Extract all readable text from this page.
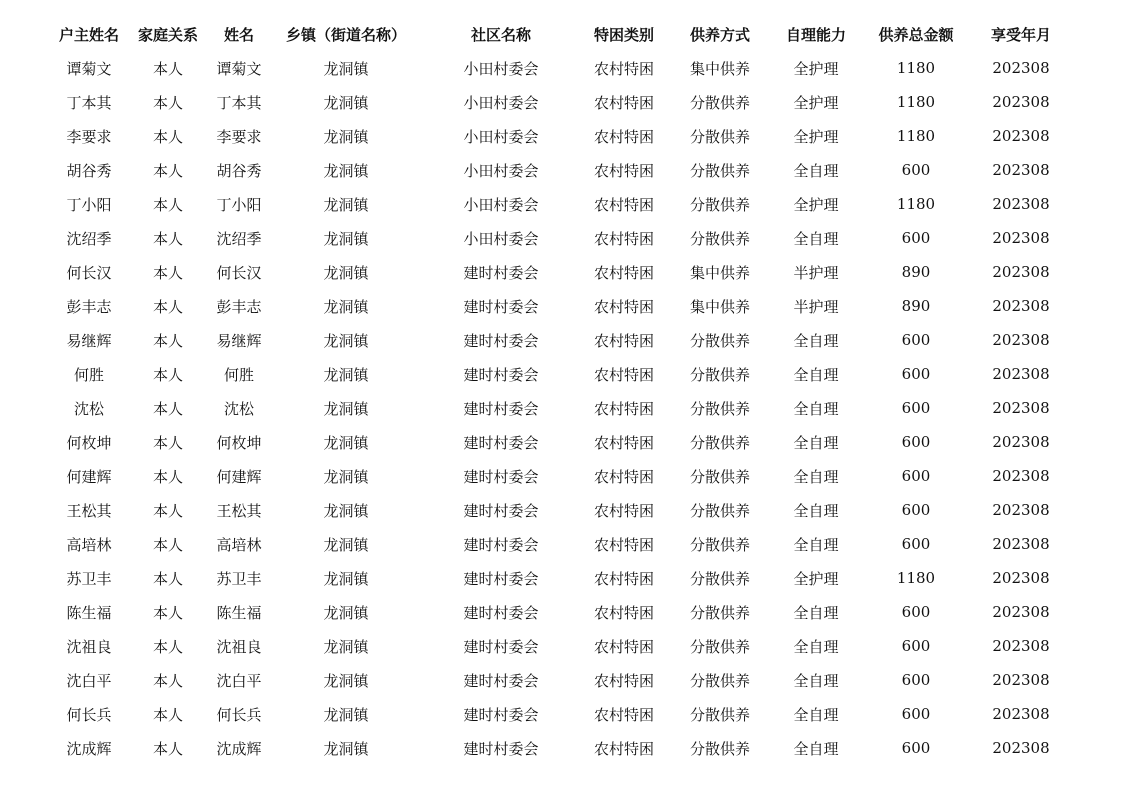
户主姓名	家庭关系	姓名	乡镇（街道名称）	社区名称	特困类别	供养方式	自理能力	供养总金额	享受年月
谭菊文	本人	谭菊文	龙洞镇	小田村委会	农村特困	集中供养	全护理	1180	202308
丁本其	本人	丁本其	龙洞镇	小田村委会	农村特困	分散供养	全护理	1180	202308
李要求	本人	李要求	龙洞镇	小田村委会	农村特困	分散供养	全护理	1180	202308
胡谷秀	本人	胡谷秀	龙洞镇	小田村委会	农村特困	分散供养	全自理	600	202308
丁小阳	本人	丁小阳	龙洞镇	小田村委会	农村特困	分散供养	全护理	1180	202308
沈绍季	本人	沈绍季	龙洞镇	小田村委会	农村特困	分散供养	全自理	600	202308
何长汉	本人	何长汉	龙洞镇	建时村委会	农村特困	集中供养	半护理	890	202308
彭丰志	本人	彭丰志	龙洞镇	建时村委会	农村特困	集中供养	半护理	890	202308
易继辉	本人	易继辉	龙洞镇	建时村委会	农村特困	分散供养	全自理	600	202308
何胜	本人	何胜	龙洞镇	建时村委会	农村特困	分散供养	全自理	600	202308
沈松	本人	沈松	龙洞镇	建时村委会	农村特困	分散供养	全自理	600	202308
何枚坤	本人	何枚坤	龙洞镇	建时村委会	农村特困	分散供养	全自理	600	202308
何建辉	本人	何建辉	龙洞镇	建时村委会	农村特困	分散供养	全自理	600	202308
王松其	本人	王松其	龙洞镇	建时村委会	农村特困	分散供养	全自理	600	202308
高培林	本人	高培林	龙洞镇	建时村委会	农村特困	分散供养	全自理	600	202308
苏卫丰	本人	苏卫丰	龙洞镇	建时村委会	农村特困	分散供养	全护理	1180	202308
陈生福	本人	陈生福	龙洞镇	建时村委会	农村特困	分散供养	全自理	600	202308
沈祖良	本人	沈祖良	龙洞镇	建时村委会	农村特困	分散供养	全自理	600	202308
沈白平	本人	沈白平	龙洞镇	建时村委会	农村特困	分散供养	全自理	600	202308
何长兵	本人	何长兵	龙洞镇	建时村委会	农村特困	分散供养	全自理	600	202308
沈成辉	本人	沈成辉	龙洞镇	建时村委会	农村特困	分散供养	全自理	600	202308
